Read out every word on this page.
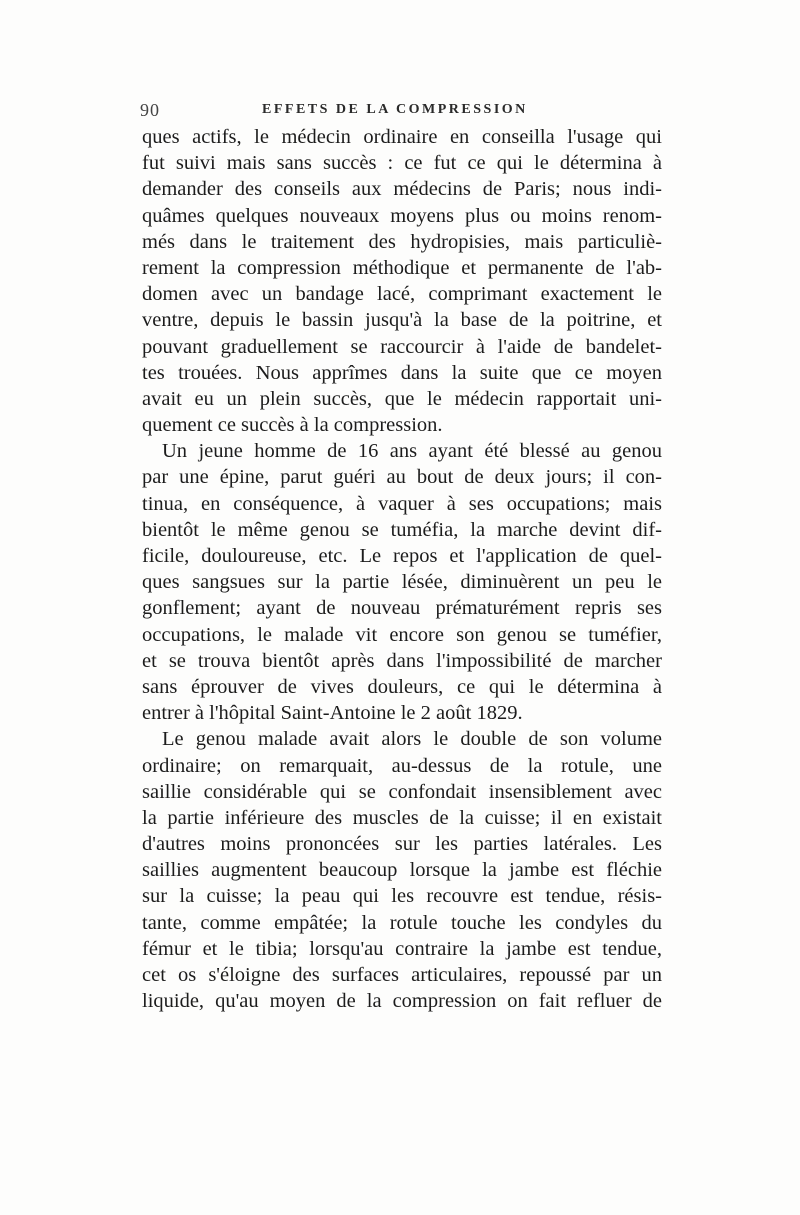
90	EFFETS DE LA COMPRESSION
ques actifs, le médecin ordinaire en conseilla l'usage qui
fut suivi mais sans succès : ce fut ce qui le détermina à
demander des conseils aux médecins de Paris; nous indi-
quâmes quelques nouveaux moyens plus ou moins renom-
més dans le traitement des hydropisies, mais particuliè-
rement la compression méthodique et permanente de l'ab-
domen avec un bandage lacé, comprimant exactement le
ventre, depuis le bassin jusqu'à la base de la poitrine, et
pouvant graduellement se raccourcir à l'aide de bandelet-
tes trouées. Nous apprîmes dans la suite que ce moyen
avait eu un plein succès, que le médecin rapportait uni-
quement ce succès à la compression.
Un jeune homme de 16 ans ayant été blessé au genou
par une épine, parut guéri au bout de deux jours; il con-
tinua, en conséquence, à vaquer à ses occupations; mais
bientôt le même genou se tuméfia, la marche devint dif-
ficile, douloureuse, etc. Le repos et l'application de quel-
ques sangsues sur la partie lésée, diminuèrent un peu le
gonflement; ayant de nouveau prématurément repris ses
occupations, le malade vit encore son genou se tuméfier,
et se trouva bientôt après dans l'impossibilité de marcher
sans éprouver de vives douleurs, ce qui le détermina à
entrer à l'hôpital Saint-Antoine le 2 août 1829.
Le genou malade avait alors le double de son volume
ordinaire; on remarquait, au-dessus de la rotule, une
saillie considérable qui se confondait insensiblement avec
la partie inférieure des muscles de la cuisse; il en existait
d'autres moins prononcées sur les parties latérales. Les
saillies augmentent beaucoup lorsque la jambe est fléchie
sur la cuisse; la peau qui les recouvre est tendue, résis-
tante, comme empâtée; la rotule touche les condyles du
fémur et le tibia; lorsqu'au contraire la jambe est tendue,
cet os s'éloigne des surfaces articulaires, repoussé par un
liquide, qu'au moyen de la compression on fait refluer de
